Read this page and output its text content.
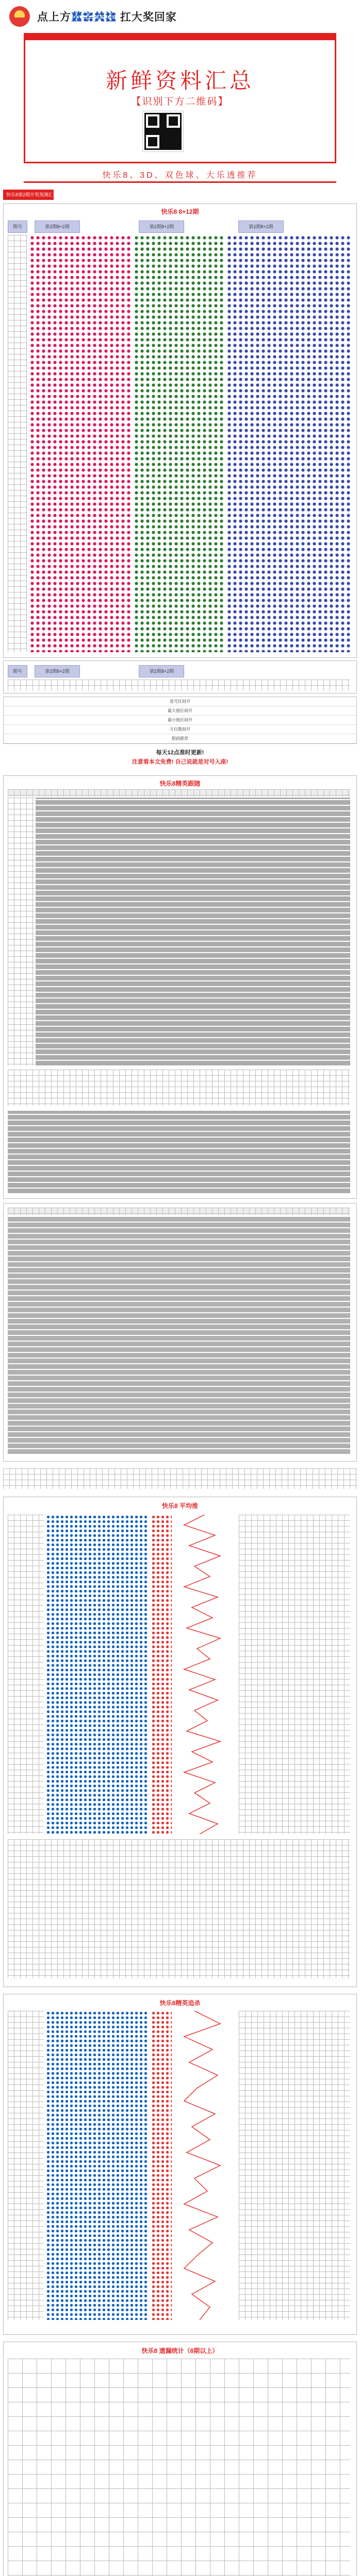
点上方蓝字关注 扛大奖回家
新鲜资料汇总
【识别下方二维码】
快乐8、3D、双色球、大乐透推荐
快乐8第2期开奖预测汇
快乐8 8+12期
期号	第2期8+2期	第2期8+2期	第2期8+2期
期号	第2期8+2期	第2期8+2期
选号区间开
最大值区间开
最小值区间开
万位数间开
胆码推荐
每天12点准时更新!
注意看本文免费! 自己说就是对号入座!
快乐8精英跟随
快乐8 平均推
快乐8精英追杀
快乐8 遗漏统计（8期以上）
